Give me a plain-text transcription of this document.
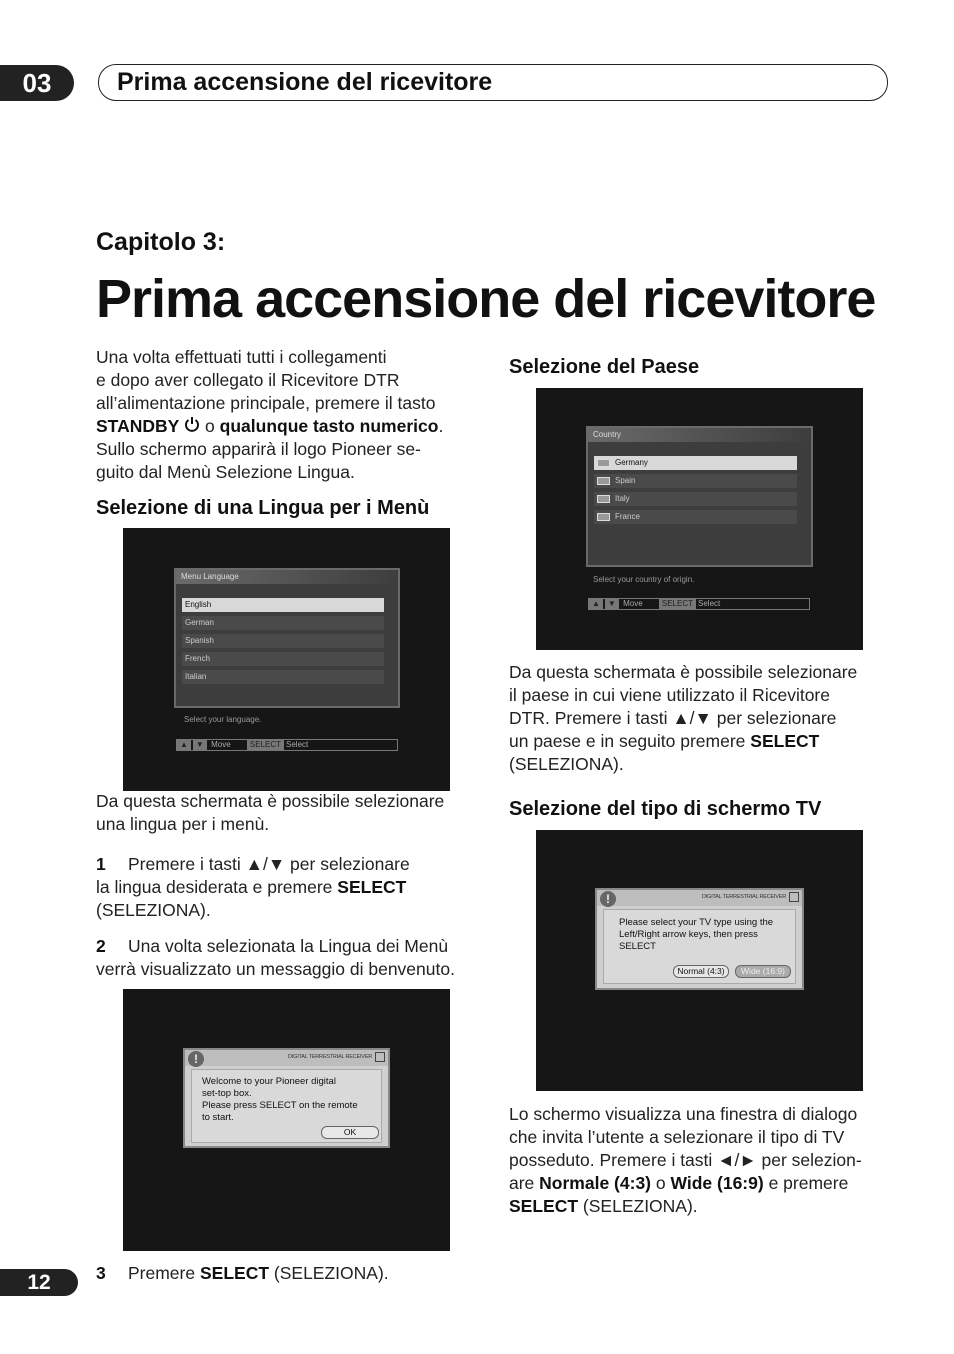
03	Prima accensione del ricevitore
Capitolo 3:
Prima accensione del ricevitore
Una volta effettuati tutti i collegamenti
e dopo aver collegato il Ricevitore DTR
all’alimentazione principale, premere il tasto
STANDBY o qualunque tasto numerico.
Sullo schermo apparirà il logo Pioneer se-
guito dal Menù Selezione Lingua.
Selezione di una Lingua per i Menù
Menu Language
English
German
Spanish
French
Italian
Select your language.
▲ ▼ Move SELECT Select
Da questa schermata è possibile selezionare
una lingua per i menù.
1 Premere i tasti ▲/▼ per selezionare
la lingua desiderata e premere SELECT
(SELEZIONA).
2 Una volta selezionata la Lingua dei Menù
verrà visualizzato un messaggio di benvenuto.
!	DIGITAL TERRESTRIAL RECEIVER
Welcome to your Pioneer digital
set-top box.
Please press SELECT on the remote
to start.
OK
3 Premere SELECT (SELEZIONA).
Selezione del Paese
Country
Germany
Spain
Italy
France
Select your country of origin.
▲ ▼ Move SELECT Select
Da questa schermata è possibile selezionare
il paese in cui viene utilizzato il Ricevitore
DTR. Premere i tasti ▲/▼ per selezionare
un paese e in seguito premere SELECT
(SELEZIONA).
Selezione del tipo di schermo TV
!	DIGITAL TERRESTRIAL RECEIVER
Please select your TV type using the
Left/Right arrow keys, then press
SELECT
Normal (4:3)	Wide (16:9)
Lo schermo visualizza una finestra di dialogo
che invita l’utente a selezionare il tipo di TV
posseduto. Premere i tasti ◄/► per selezion-
are Normale (4:3) o Wide (16:9) e premere
SELECT (SELEZIONA).
12
